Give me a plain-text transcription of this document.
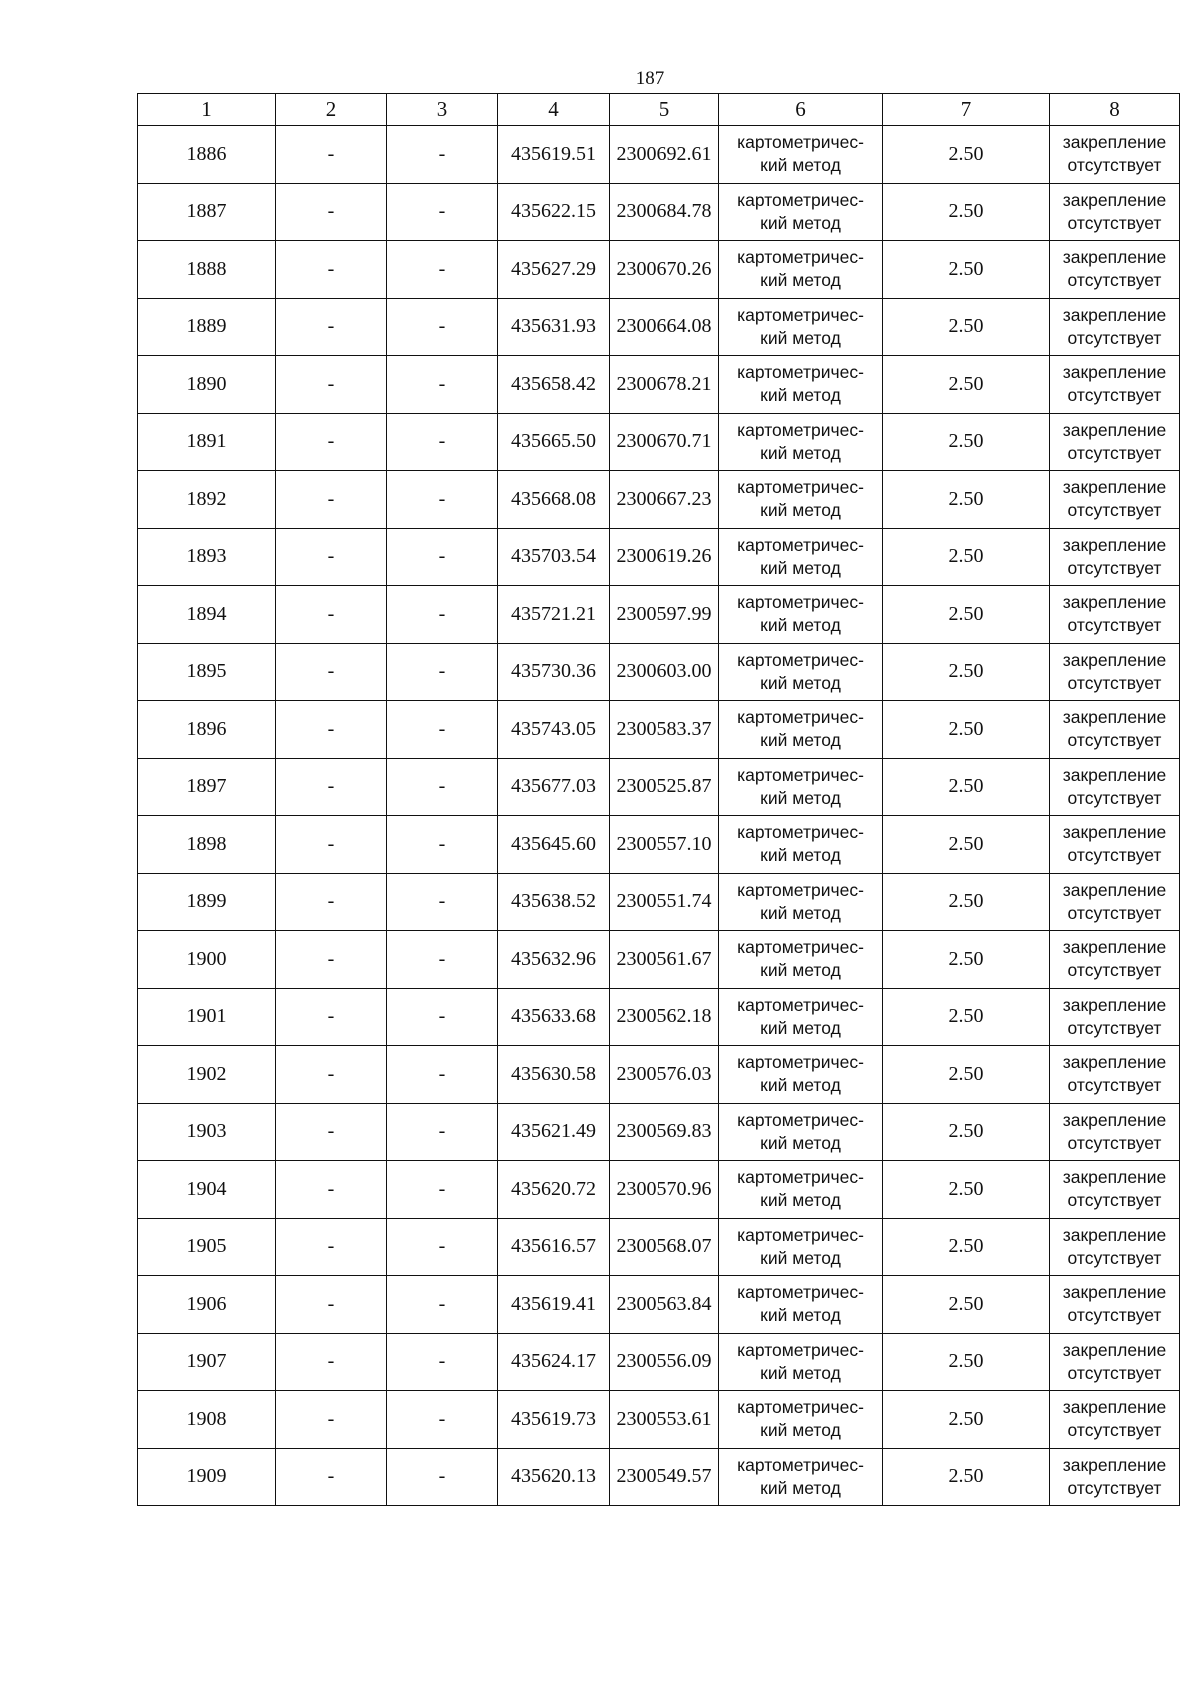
187
1	2	3	4	5	6	7	8
1886	-	-	435619.51	2300692.61	картометричес-
кий метод	2.50	закрепление
отсутствует

1887	-	-	435622.15	2300684.78	картометричес-
кий метод	2.50	закрепление
отсутствует

1888	-	-	435627.29	2300670.26	картометричес-
кий метод	2.50	закрепление
отсутствует

1889	-	-	435631.93	2300664.08	картометричес-
кий метод	2.50	закрепление
отсутствует

1890	-	-	435658.42	2300678.21	картометричес-
кий метод	2.50	закрепление
отсутствует

1891	-	-	435665.50	2300670.71	картометричес-
кий метод	2.50	закрепление
отсутствует

1892	-	-	435668.08	2300667.23	картометричес-
кий метод	2.50	закрепление
отсутствует

1893	-	-	435703.54	2300619.26	картометричес-
кий метод	2.50	закрепление
отсутствует

1894	-	-	435721.21	2300597.99	картометричес-
кий метод	2.50	закрепление
отсутствует

1895	-	-	435730.36	2300603.00	картометричес-
кий метод	2.50	закрепление
отсутствует

1896	-	-	435743.05	2300583.37	картометричес-
кий метод	2.50	закрепление
отсутствует

1897	-	-	435677.03	2300525.87	картометричес-
кий метод	2.50	закрепление
отсутствует

1898	-	-	435645.60	2300557.10	картометричес-
кий метод	2.50	закрепление
отсутствует

1899	-	-	435638.52	2300551.74	картометричес-
кий метод	2.50	закрепление
отсутствует

1900	-	-	435632.96	2300561.67	картометричес-
кий метод	2.50	закрепление
отсутствует

1901	-	-	435633.68	2300562.18	картометричес-
кий метод	2.50	закрепление
отсутствует

1902	-	-	435630.58	2300576.03	картометричес-
кий метод	2.50	закрепление
отсутствует

1903	-	-	435621.49	2300569.83	картометричес-
кий метод	2.50	закрепление
отсутствует

1904	-	-	435620.72	2300570.96	картометричес-
кий метод	2.50	закрепление
отсутствует

1905	-	-	435616.57	2300568.07	картометричес-
кий метод	2.50	закрепление
отсутствует

1906	-	-	435619.41	2300563.84	картометричес-
кий метод	2.50	закрепление
отсутствует

1907	-	-	435624.17	2300556.09	картометричес-
кий метод	2.50	закрепление
отсутствует

1908	-	-	435619.73	2300553.61	картометричес-
кий метод	2.50	закрепление
отсутствует

1909	-	-	435620.13	2300549.57	картометричес-
кий метод	2.50	закрепление
отсутствует
